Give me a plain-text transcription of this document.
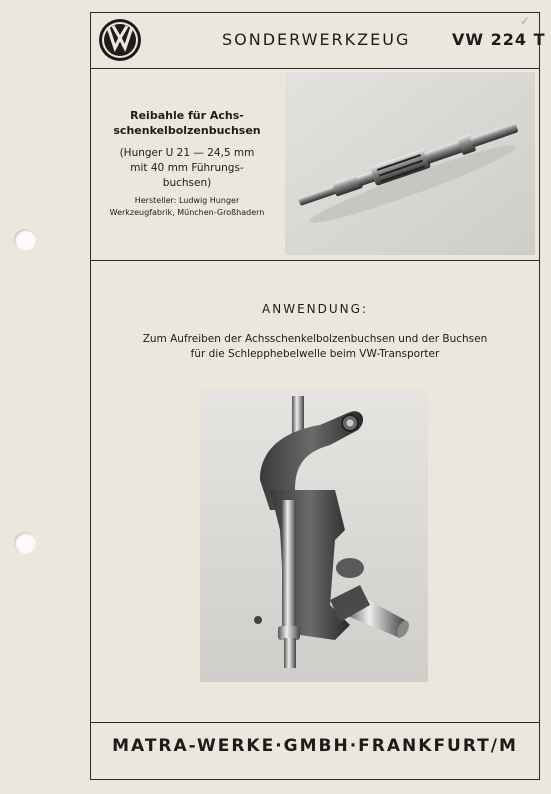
✓
SONDERWERKZEUG	VW 224 T
Reibahle für Achs-
schenkelbolzenbuchsen
(Hunger U 21 — 24,5 mm
mit 40 mm Führungs-
buchsen)
Hersteller: Ludwig Hunger
Werkzeugfabrik, München-Großhadern
ANWENDUNG:
Zum Aufreiben der Achsschenkelbolzenbuchsen und der Buchsen
für die Schlepphebelwelle beim VW-Transporter
MATRA-WERKE·GMBH·FRANKFURT/M
